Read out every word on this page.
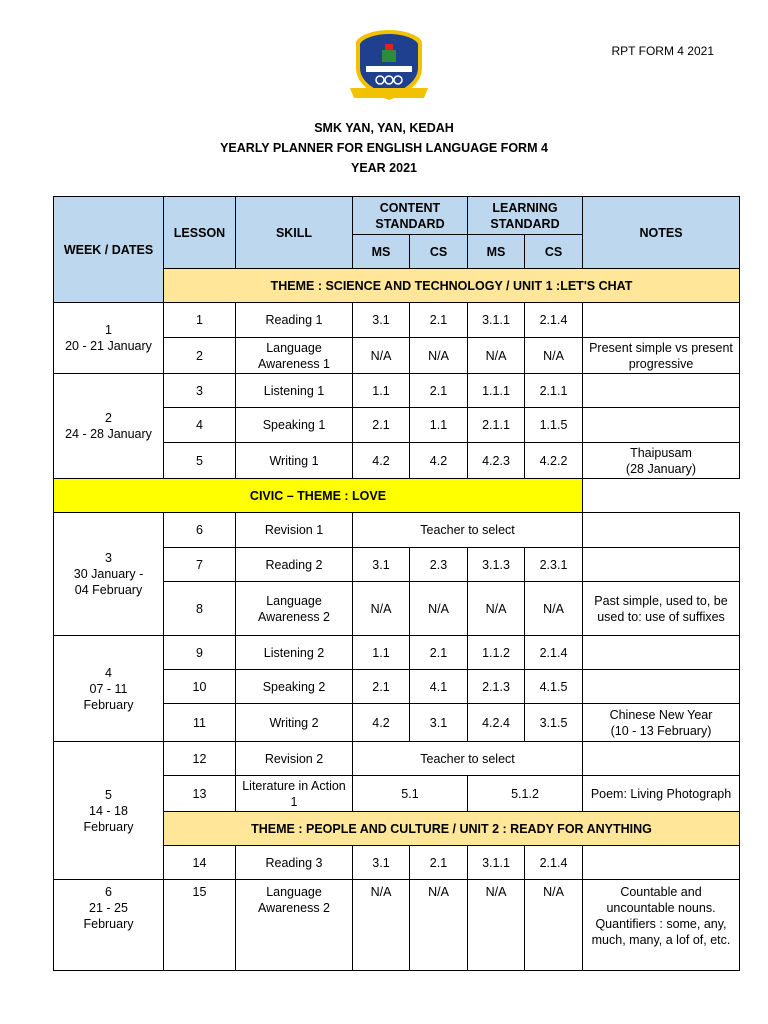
RPT FORM 4 2021
SMK YAN, YAN, KEDAH
YEARLY PLANNER FOR ENGLISH LANGUAGE FORM 4
YEAR 2021
WEEK / DATES	LESSON	SKILL	CONTENT STANDARD		LEARNING STANDARD		NOTES
			MS	CS	MS	CS	
	THEME : SCIENCE AND TECHNOLOGY / UNIT 1 :LET'S CHAT						
1
20 - 21 January	1	Reading 1	3.1	2.1	3.1.1	2.1.4	
	2	Language Awareness 1	N/A	N/A	N/A	N/A	Present simple vs present progressive
2
24 - 28 January	3	Listening 1	1.1	2.1	1.1.1	2.1.1	
	4	Speaking 1	2.1	1.1	2.1.1	1.1.5	
	5	Writing 1	4.2	4.2	4.2.3	4.2.2	Thaipusam
(28 January)
CIVIC – THEME : LOVE							
3
30 January -
04 February	6	Revision 1	Teacher to select				
	7	Reading 2	3.1	2.3	3.1.3	2.3.1	
	8	Language Awareness 2	N/A	N/A	N/A	N/A	Past simple, used to, be used to: use of suffixes
4
07 - 11
February	9	Listening 2	1.1	2.1	1.1.2	2.1.4	
	10	Speaking 2	2.1	4.1	2.1.3	4.1.5	
	11	Writing 2	4.2	3.1	4.2.4	3.1.5	Chinese New Year
(10 - 13 February)
5
14 - 18
February	12	Revision 2	Teacher to select				
	13	Literature in Action 1	5.1		5.1.2		Poem: Living Photograph
	THEME : PEOPLE AND CULTURE / UNIT 2 : READY FOR ANYTHING						
	14	Reading 3	3.1	2.1	3.1.1	2.1.4	
6
21 - 25
February	15	Language Awareness 2	N/A	N/A	N/A	N/A	Countable and uncountable nouns. Quantifiers : some, any, much, many, a lof of, etc.
